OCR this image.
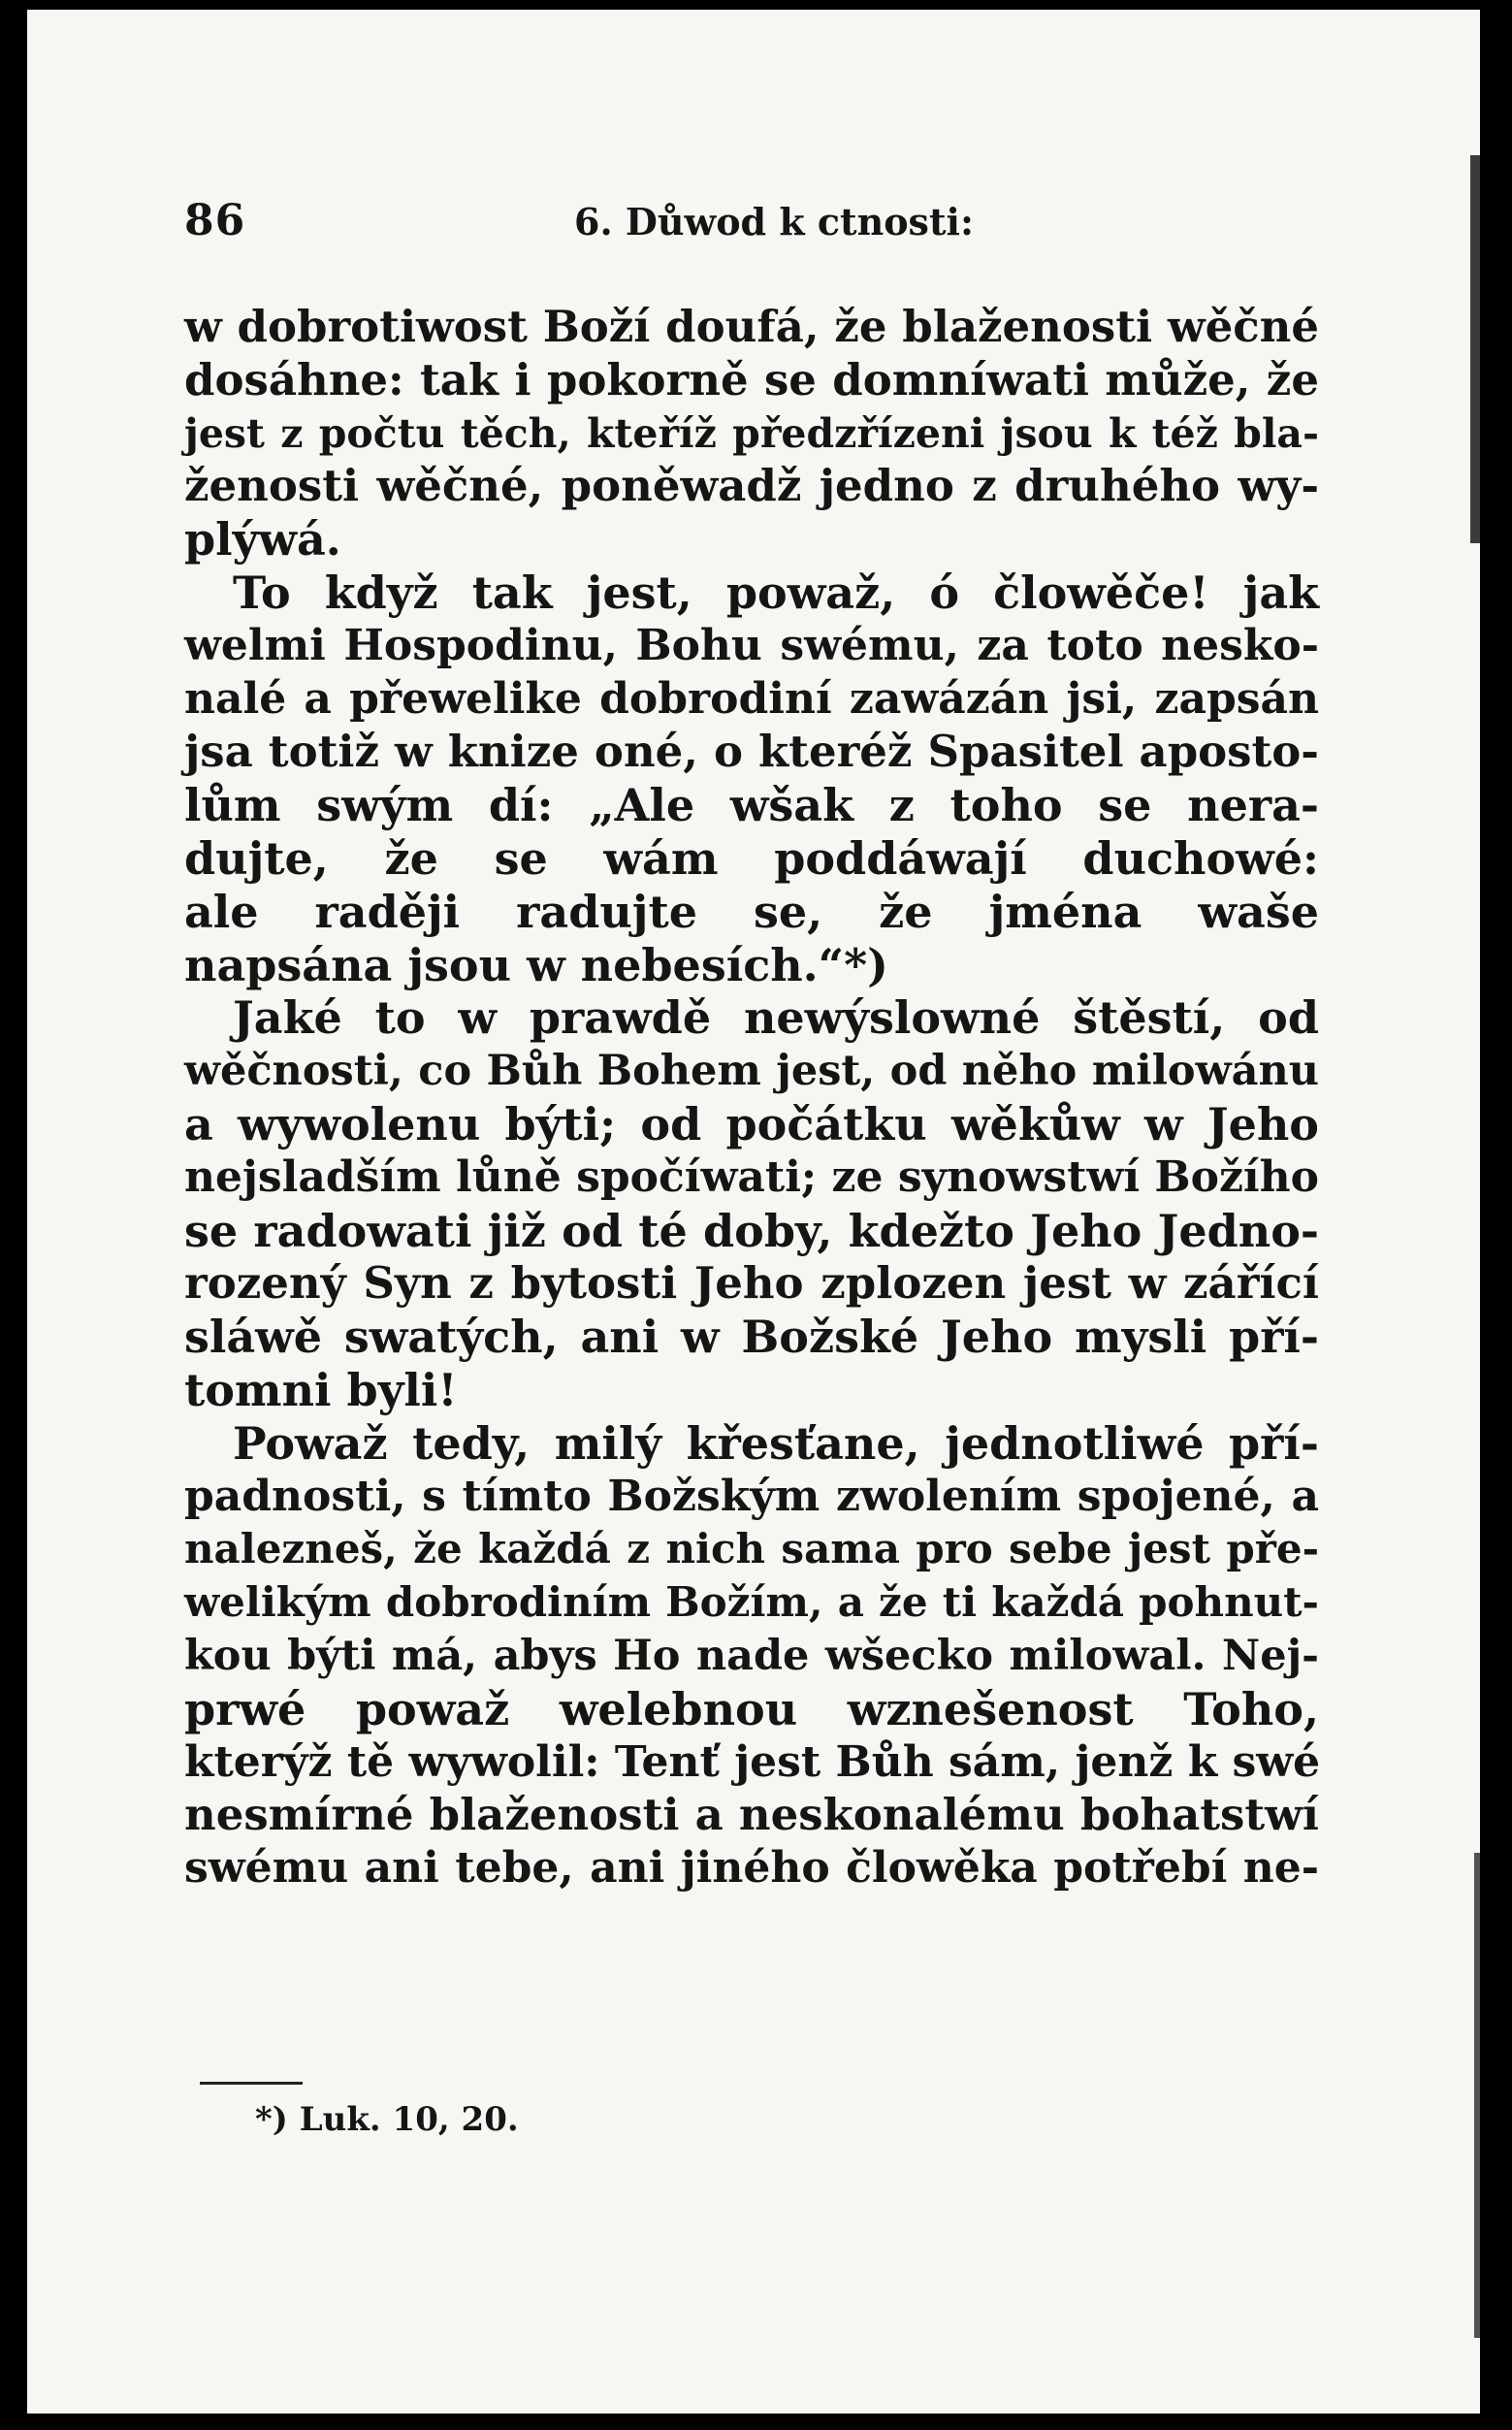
86	6. Důwod k ctnosti:
w dobrotiwost Boží doufá, že blaženosti wěčné
dosáhne: tak i pokorně se domníwati může, že
jest z počtu těch, kteříž předzřízeni jsou k též bla-
ženosti wěčné, poněwadž jedno z druhého wy-
plýwá.
To když tak jest, powaž, ó člowěče! jak
welmi Hospodinu, Bohu swému, za toto nesko-
nalé a přewelike dobrodiní zawázán jsi, zapsán
jsa totiž w knize oné, o kteréž Spasitel aposto-
lům swým dí: „Ale wšak z toho se nera-
dujte, že se wám poddáwají duchowé:
ale raději radujte se, že jména waše
napsána jsou w nebesích.“*)
Jaké to w prawdě newýslowné štěstí, od
wěčnosti, co Bůh Bohem jest, od něho milowánu
a wywolenu býti; od počátku wěkůw w Jeho
nejsladším lůně spočíwati; ze synowstwí Božího
se radowati již od té doby, kdežto Jeho Jedno-
rozený Syn z bytosti Jeho zplozen jest w zářící
sláwě swatých, ani w Božské Jeho mysli pří-
tomni byli!
Powaž tedy, milý křesťane, jednotliwé pří-
padnosti, s tímto Božským zwolením spojené, a
nalezneš, že každá z nich sama pro sebe jest pře-
welikým dobrodiním Božím, a že ti každá pohnut-
kou býti má, abys Ho nade wšecko milowal. Nej-
prwé powaž welebnou wznešenost Toho,
kterýž tě wywolil: Tenť jest Bůh sám, jenž k swé
nesmírné blaženosti a neskonalému bohatstwí
swému ani tebe, ani jiného člowěka potřebí ne-
*) Luk. 10, 20.
